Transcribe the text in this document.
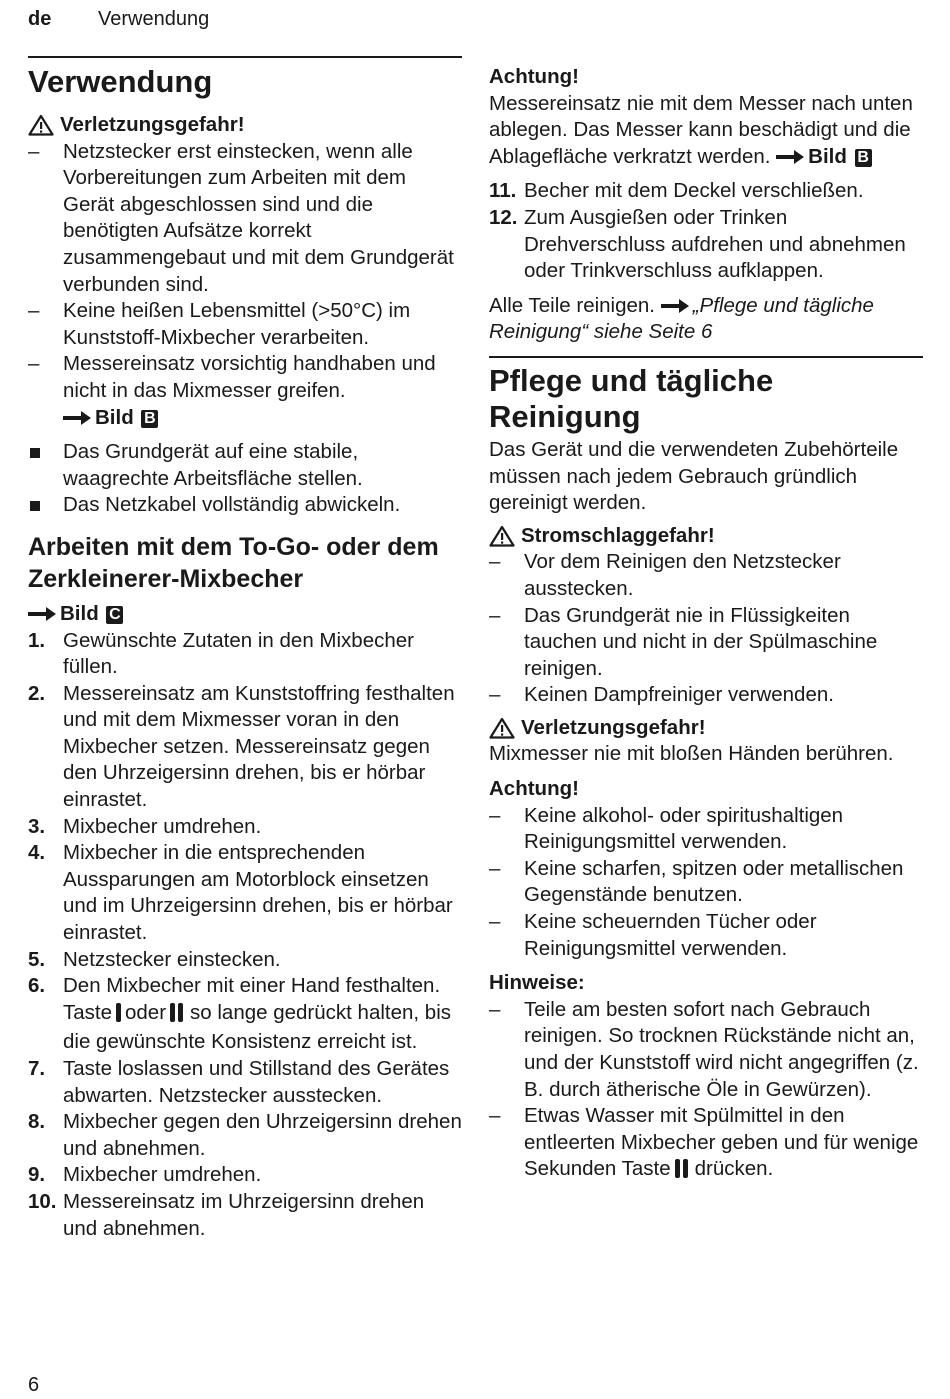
de Verwendung
Verwendung
Verletzungsgefahr!
–	Netzstecker erst einstecken, wenn alle Vorbereitungen zum Arbeiten mit dem Gerät abgeschlossen sind und die benötigten Aufsätze korrekt zusammengebaut und mit dem Grundgerät verbunden sind.
–	Keine heißen Lebensmittel (>50°C) im Kunststoff-Mixbecher verarbeiten.
–	Messereinsatz vorsichtig handhaben und nicht in das Mixmesser greifen.
Bild B
Das Grundgerät auf eine stabile, waagrechte Arbeitsfläche stellen.
Das Netzkabel vollständig abwickeln.
Arbeiten mit dem To-Go- oder dem Zerkleinerer-Mixbecher
Bild C
1. Gewünschte Zutaten in den Mixbecher füllen.
2. Messereinsatz am Kunststoffring festhalten und mit dem Mixmesser voran in den Mixbecher setzen. Messereinsatz gegen den Uhrzeigersinn drehen, bis er hörbar einrastet.
3. Mixbecher umdrehen.
4. Mixbecher in die entsprechenden Aussparungen am Motorblock einsetzen und im Uhrzeigersinn drehen, bis er hörbar einrastet.
5. Netzstecker einstecken.
6. Den Mixbecher mit einer Hand festhalten. Taste oder so lange gedrückt halten, bis die gewünschte Konsistenz erreicht ist.
7. Taste loslassen und Stillstand des Gerätes abwarten. Netzstecker ausstecken.
8. Mixbecher gegen den Uhrzeigersinn drehen und abnehmen.
9. Mixbecher umdrehen.
10. Messereinsatz im Uhrzeigersinn drehen und abnehmen.

Achtung!

Messereinsatz nie mit dem Messer nach unten ablegen. Das Messer kann beschädigt und die Ablagefläche verkratzt werden. Bild B

11. Becher mit dem Deckel verschließen.
12. Zum Ausgießen oder Trinken Drehverschluss aufdrehen und abnehmen oder Trinkverschluss aufklappen.

Alle Teile reinigen. „Pflege und tägliche Reinigung“ siehe Seite 6

Pflege und tägliche Reinigung

Das Gerät und die verwendeten Zubehörteile müssen nach jedem Gebrauch gründlich gereinigt werden.

Stromschlaggefahr!
–	Vor dem Reinigen den Netzstecker ausstecken.
–	Das Grundgerät nie in Flüssigkeiten tauchen und nicht in der Spülmaschine reinigen.
–	Keinen Dampfreiniger verwenden.
Verletzungsgefahr!

Mixmesser nie mit bloßen Händen berühren.

Achtung!

–	Keine alkohol- oder spiritushaltigen Reinigungsmittel verwenden.
–	Keine scharfen, spitzen oder metallischen Gegenstände benutzen.
–	Keine scheuernden Tücher oder Reinigungsmittel verwenden.

Hinweise:

–	Teile am besten sofort nach Gebrauch reinigen. So trocknen Rückstände nicht an, und der Kunststoff wird nicht angegriffen (z. B. durch ätherische Öle in Gewürzen).
–	Etwas Wasser mit Spülmittel in den entleerten Mixbecher geben und für wenige Sekunden Taste drücken.
6
